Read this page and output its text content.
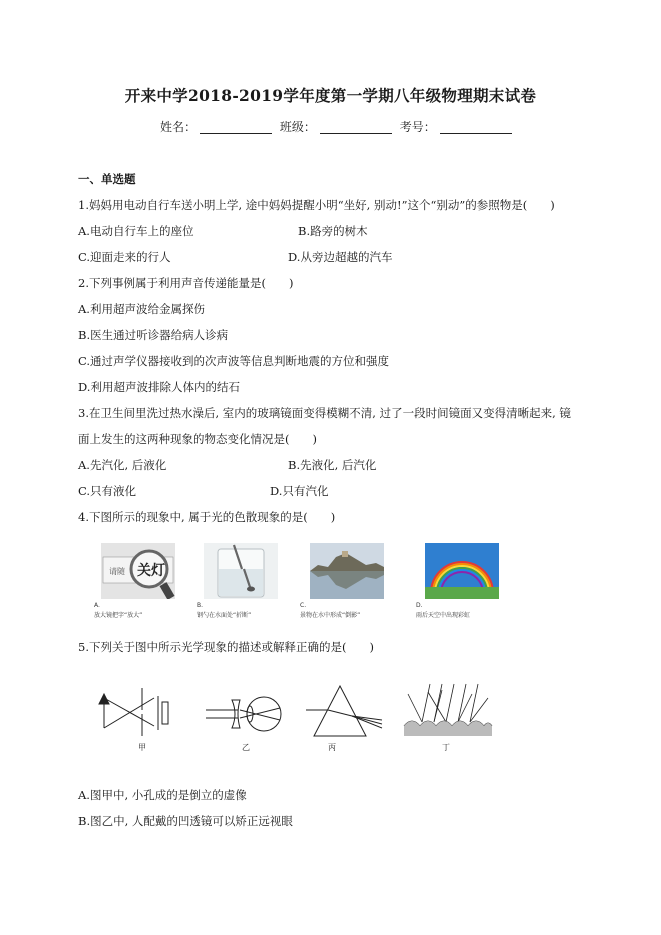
开来中学2018-2019学年度第一学期八年级物理期末试卷
姓名：	班级：	考号：
一、单选题
1.妈妈用电动自行车送小明上学, 途中妈妈提醒小明“坐好, 别动!”这个“别动”的参照物是(　　)
A.电动自行车上的座位	B.路旁的树木
C.迎面走来的行人	D.从旁边超越的汽车
2.下列事例属于利用声音传递能量是(　　)
A.利用超声波给金属探伤
B.医生通过听诊器给病人诊病
C.通过声学仪器接收到的次声波等信息判断地震的方位和强度
D.利用超声波排除人体内的结石
3.在卫生间里洗过热水澡后, 室内的玻璃镜面变得模糊不清, 过了一段时间镜面又变得清晰起来, 镜
面上发生的这两种现象的物态变化情况是(　　)
A.先汽化, 后液化	B.先液化, 后汽化
C.只有液化	D.只有汽化
4.下图所示的现象中, 属于光的色散现象的是(　　)
请随 关灯
A.
放大镜把字“放大”
B.
钢勺在水面处“折断”
C.
景物在水中形成“倒影”
D.
雨后天空中出现彩虹
5.下列关于图中所示光学现象的描述或解释正确的是(　　)
甲	乙	丙	丁
A.图甲中, 小孔成的是倒立的虚像
B.图乙中, 人配戴的凹透镜可以矫正远视眼
